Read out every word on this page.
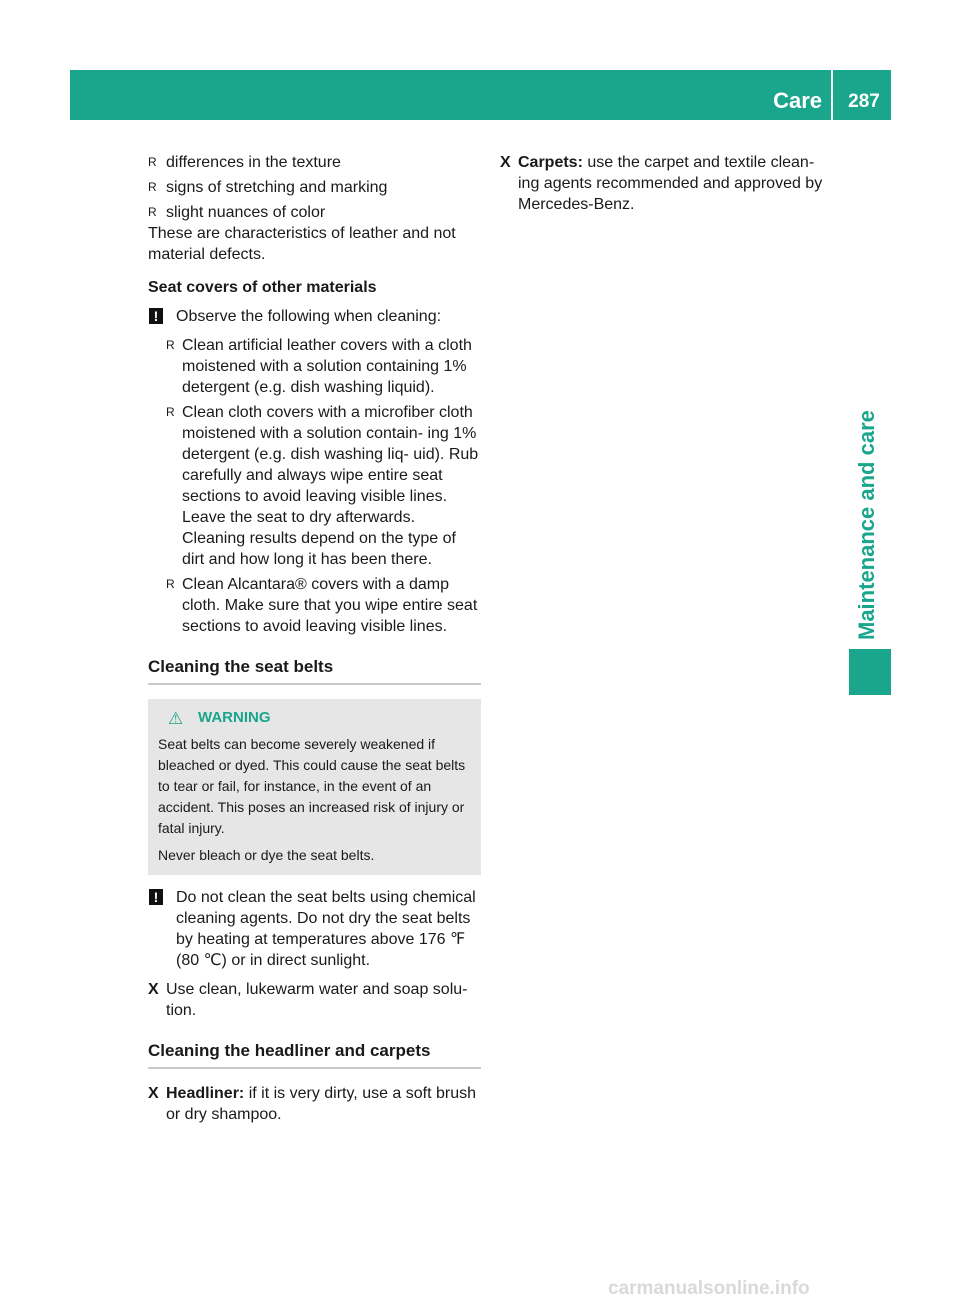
Care	287
Maintenance and care

R differences in the texture

R signs of stretching and marking

R slight nuances of color

These are characteristics of leather and not material defects.

Seat covers of other materials

! Observe the following when cleaning:

R Clean artificial leather covers with a cloth moistened with a solution containing 1% detergent (e.g. dish washing liquid).

R Clean cloth covers with a microfiber cloth moistened with a solution contain- ing 1% detergent (e.g. dish washing liq- uid). Rub carefully and always wipe entire seat sections to avoid leaving visible lines. Leave the seat to dry afterwards. Cleaning results depend on the type of dirt and how long it has been there.

R Clean Alcantara® covers with a damp cloth. Make sure that you wipe entire seat sections to avoid leaving visible lines.

Cleaning the seat belts

⚠ WARNING

Seat belts can become severely weakened if bleached or dyed. This could cause the seat belts to tear or fail, for instance, in the event of an accident. This poses an increased risk of injury or fatal injury.

Never bleach or dye the seat belts.

! Do not clean the seat belts using chemical cleaning agents. Do not dry the seat belts by heating at temperatures above 176 ℉ (80 ℃) or in direct sunlight.

X Use clean, lukewarm water and soap solu- tion.

Cleaning the headliner and carpets

X Headliner: if it is very dirty, use a soft brush or dry shampoo.

X Carpets: use the carpet and textile clean- ing agents recommended and approved by Mercedes-Benz.

carmanualsonline.info
